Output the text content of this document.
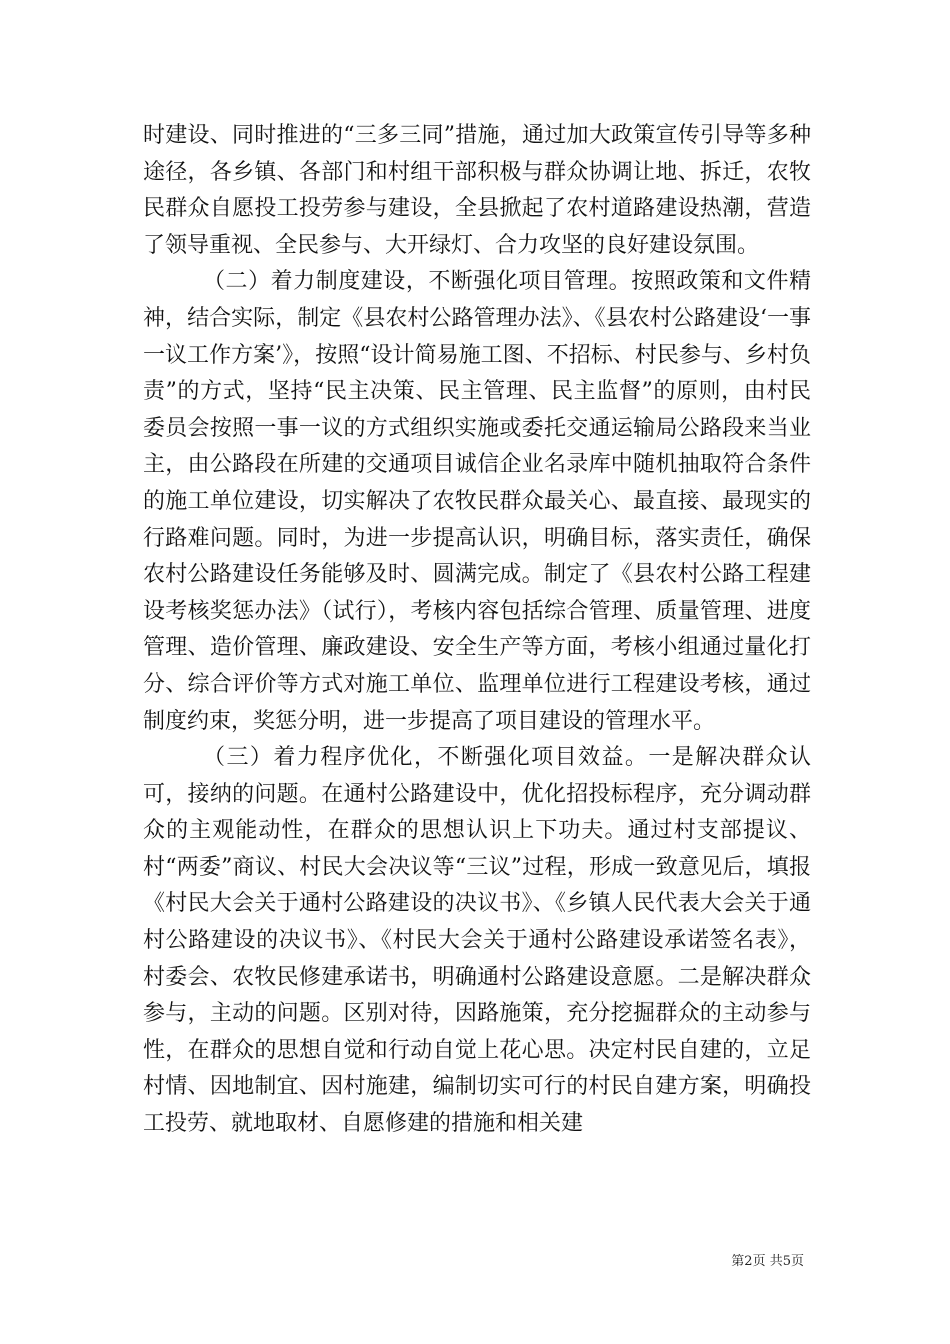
时建设、同时推进的“三多三同”措施，通过加大政策宣传引导等多种途径，各乡镇、各部门和村组干部积极与群众协调让地、拆迁，农牧民群众自愿投工投劳参与建设，全县掀起了农村道路建设热潮，营造了领导重视、全民参与、大开绿灯、合力攻坚的良好建设氛围。

（二）着力制度建设，不断强化项目管理。按照政策和文件精神，结合实际，制定《县农村公路管理办法》、《县农村公路建设‘一事一议工作方案’》，按照“设计简易施工图、不招标、村民参与、乡村负责”的方式，坚持“民主决策、民主管理、民主监督”的原则，由村民委员会按照一事一议的方式组织实施或委托交通运输局公路段来当业主，由公路段在所建的交通项目诚信企业名录库中随机抽取符合条件的施工单位建设，切实解决了农牧民群众最关心、最直接、最现实的行路难问题。同时，为进一步提高认识，明确目标，落实责任，确保农村公路建设任务能够及时、圆满完成。制定了《县农村公路工程建设考核奖惩办法》（试行），考核内容包括综合管理、质量管理、进度管理、造价管理、廉政建设、安全生产等方面，考核小组通过量化打分、综合评价等方式对施工单位、监理单位进行工程建设考核，通过制度约束，奖惩分明，进一步提高了项目建设的管理水平。

（三）着力程序优化，不断强化项目效益。一是解决群众认可，接纳的问题。在通村公路建设中，优化招投标程序，充分调动群众的主观能动性，在群众的思想认识上下功夫。通过村支部提议、村“两委”商议、村民大会决议等“三议”过程，形成一致意见后，填报《村民大会关于通村公路建设的决议书》、《乡镇人民代表大会关于通村公路建设的决议书》、《村民大会关于通村公路建设承诺签名表》，村委会、农牧民修建承诺书，明确通村公路建设意愿。二是解决群众参与，主动的问题。区别对待，因路施策，充分挖掘群众的主动参与性，在群众的思想自觉和行动自觉上花心思。决定村民自建的，立足村情、因地制宜、因村施建，编制切实可行的村民自建方案，明确投工投劳、就地取材、自愿修建的措施和相关建

第2页 共5页
